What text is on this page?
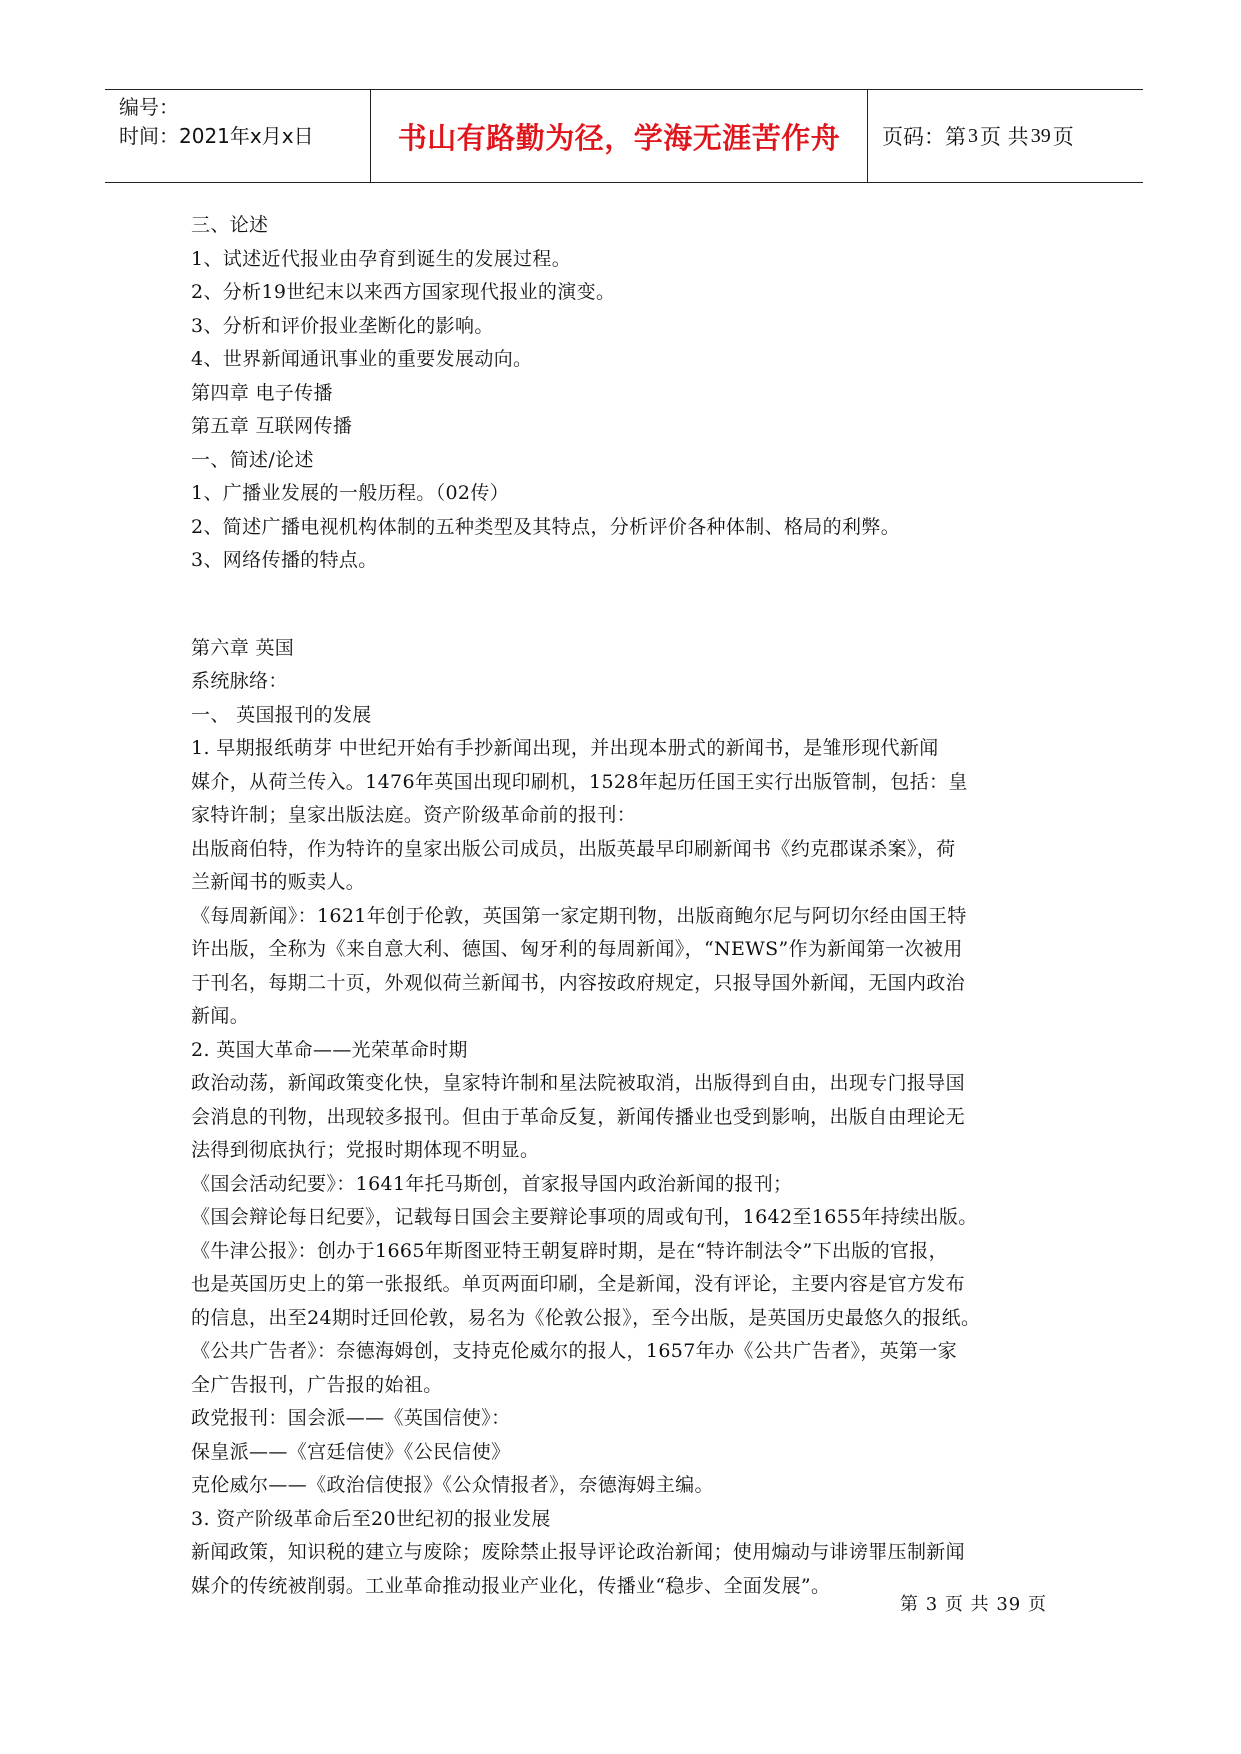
编号：
时间：2021年x月x日	书山有路勤为径，学海无涯苦作舟 页码：第 3 页 共 39 页
三、论述
1、试述近代报业由孕育到诞生的发展过程。
2、分析19世纪末以来西方国家现代报业的演变。
3、分析和评价报业垄断化的影响。
4、世界新闻通讯事业的重要发展动向。
第四章 电子传播
第五章 互联网传播
一、简述/论述
1、广播业发展的一般历程。（02传）
2、简述广播电视机构体制的五种类型及其特点，分析评价各种体制、格局的利弊。
3、网络传播的特点。
第六章 英国
系统脉络：
一、 英国报刊的发展
1. 早期报纸萌芽 中世纪开始有手抄新闻出现，并出现本册式的新闻书，是雏形现代新闻
媒介，从荷兰传入。1476年英国出现印刷机，1528年起历任国王实行出版管制，包括：皇
家特许制；皇家出版法庭。资产阶级革命前的报刊：
出版商伯特，作为特许的皇家出版公司成员，出版英最早印刷新闻书《约克郡谋杀案》，荷
兰新闻书的贩卖人。
《每周新闻》：1621年创于伦敦，英国第一家定期刊物，出版商鲍尔尼与阿切尔经由国王特
许出版，全称为《来自意大利、德国、匈牙利的每周新闻》，“NEWS”作为新闻第一次被用
于刊名，每期二十页，外观似荷兰新闻书，内容按政府规定，只报导国外新闻，无国内政治
新闻。
2. 英国大革命——光荣革命时期
政治动荡，新闻政策变化快，皇家特许制和星法院被取消，出版得到自由，出现专门报导国
会消息的刊物，出现较多报刊。但由于革命反复，新闻传播业也受到影响，出版自由理论无
法得到彻底执行；党报时期体现不明显。
《国会活动纪要》：1641年托马斯创，首家报导国内政治新闻的报刊；
《国会辩论每日纪要》，记载每日国会主要辩论事项的周或旬刊，1642至1655年持续出版。
《牛津公报》：创办于1665年斯图亚特王朝复辟时期，是在“特许制法令”下出版的官报，
也是英国历史上的第一张报纸。单页两面印刷，全是新闻，没有评论，主要内容是官方发布
的信息，出至24期时迁回伦敦，易名为《伦敦公报》，至今出版，是英国历史最悠久的报纸。
《公共广告者》：奈德海姆创，支持克伦威尔的报人，1657年办《公共广告者》，英第一家
全广告报刊，广告报的始祖。
政党报刊：国会派——《英国信使》：
保皇派——《宫廷信使》《公民信使》
克伦威尔——《政治信使报》《公众情报者》，奈德海姆主编。
3. 资产阶级革命后至20世纪初的报业发展
新闻政策，知识税的建立与废除；废除禁止报导评论政治新闻；使用煽动与诽谤罪压制新闻
媒介的传统被削弱。工业革命推动报业产业化，传播业“稳步、全面发展”。
第 3 页 共 39 页
